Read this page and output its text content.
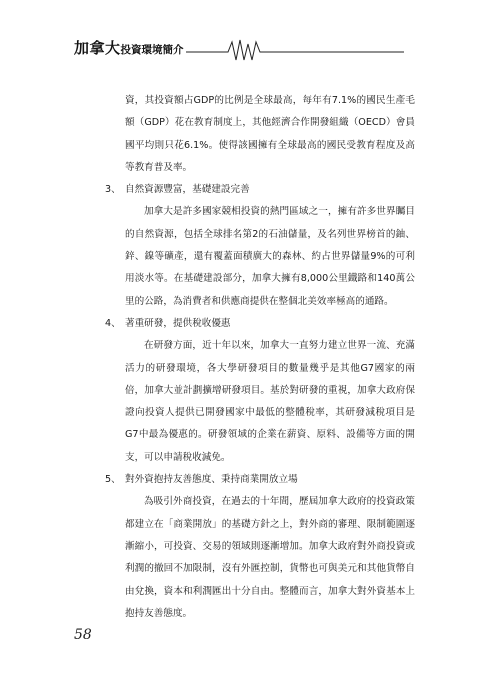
加拿大投資環境簡介

資，其投資額占GDP的比例是全球最高，每年有7.1%的國民生產毛額（GDP）花在教育制度上，其他經濟合作開發組織（OECD）會員國平均則只花6.1%。使得該國擁有全球最高的國民受教育程度及高等教育普及率。

3、 自然資源豐富，基礎建設完善

加拿大是許多國家競相投資的熱門區域之一，擁有許多世界矚目的自然資源，包括全球排名第2的石油儲量，及名列世界榜首的鈾、鋅、鎳等礦產，還有覆蓋面積廣大的森林、約占世界儲量9%的可利用淡水等。在基礎建設部分，加拿大擁有8,000公里鐵路和140萬公里的公路，為消費者和供應商提供在整個北美效率極高的通路。

4、 著重研發，提供稅收優惠

在研發方面，近十年以來，加拿大一直努力建立世界一流、充滿活力的研發環境，各大學研發項目的數量幾乎是其他G7國家的兩倍，加拿大並計劃擴增研發項目。基於對研發的重視，加拿大政府保證向投資人提供已開發國家中最低的整體稅率，其研發減稅項目是G7中最為優惠的。研發領域的企業在薪資、原料、設備等方面的開支，可以申請稅收減免。

5、 對外資抱持友善態度、秉持商業開放立場

為吸引外商投資，在過去的十年間，歷屆加拿大政府的投資政策都建立在「商業開放」的基礎方針之上，對外商的審理、限制範圍逐漸縮小，可投資、交易的領域則逐漸增加。加拿大政府對外商投資或利潤的撤回不加限制，沒有外匯控制，貨幣也可與美元和其他貨幣自由兌換，資本和利潤匯出十分自由。整體而言，加拿大對外資基本上抱持友善態度。

58
